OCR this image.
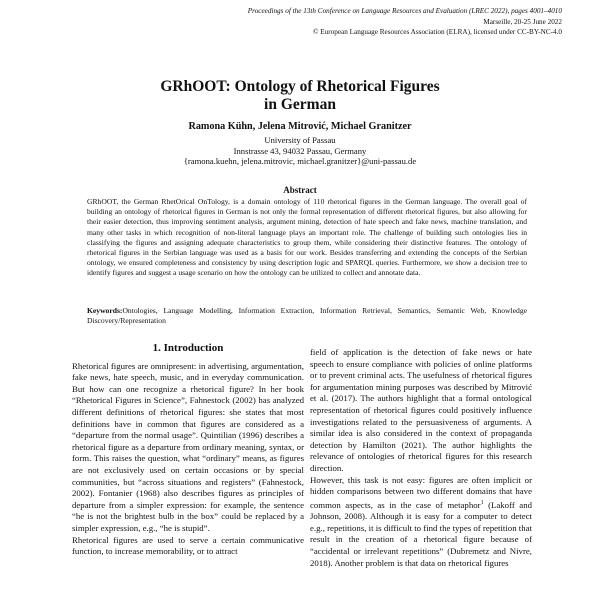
Proceedings of the 13th Conference on Language Resources and Evaluation (LREC 2022), pages 4001–4010
Marseille, 20-25 June 2022
© European Language Resources Association (ELRA), licensed under CC-BY-NC-4.0
GRhOOT: Ontology of Rhetorical Figures
in German
Ramona Kühn, Jelena Mitrović, Michael Granitzer
University of Passau
Innstrasse 43, 94032 Passau, Germany
{ramona.kuehn, jelena.mitrovic, michael.granitzer}@uni-passau.de
Abstract
GRhOOT, the German RhetOrical OnTology, is a domain ontology of 110 rhetorical figures in the German language. The overall goal of building an ontology of rhetorical figures in German is not only the formal representation of different rhetorical figures, but also allowing for their easier detection, thus improving sentiment analysis, argument mining, detection of hate speech and fake news, machine translation, and many other tasks in which recognition of non-literal language plays an important role. The challenge of building such ontologies lies in classifying the figures and assigning adequate characteristics to group them, while considering their distinctive features. The ontology of rhetorical figures in the Serbian language was used as a basis for our work. Besides transferring and extending the concepts of the Serbian ontology, we ensured completeness and consistency by using description logic and SPARQL queries. Furthermore, we show a decision tree to identify figures and suggest a usage scenario on how the ontology can be utilized to collect and annotate data.
Keywords:Ontologies, Language Modelling, Information Extraction, Information Retrieval, Semantics, Semantic Web, Knowledge Discovery/Representation
1. Introduction

Rhetorical figures are omnipresent: in advertising, argumentation, fake news, hate speech, music, and in everyday communication. But how can one recognize a rhetorical figure? In her book “Rhetorical Figures in Science”, Fahnestock (2002) has analyzed different definitions of rhetorical figures: she states that most definitions have in common that figures are considered as a “departure from the normal usage”. Quintilian (1996) describes a rhetorical figure as a departure from ordinary meaning, syntax, or form. This raises the question, what “ordinary” means, as figures are not exclusively used on certain occasions or by special communities, but “across situations and registers” (Fahnestock, 2002). Fontanier (1968) also describes figures as principles of departure from a simpler expression: for example, the sentence “he is not the brightest bulb in the box” could be replaced by a simpler expression, e.g., “he is stupid”.

Rhetorical figures are used to serve a certain communicative function, to increase memorability, or to attract

field of application is the detection of fake news or hate speech to ensure compliance with policies of online platforms or to prevent criminal acts. The usefulness of rhetorical figures for argumentation mining purposes was described by Mitrović et al. (2017). The authors highlight that a formal ontological representation of rhetorical figures could positively influence investigations related to the persuasiveness of arguments. A similar idea is also considered in the context of propaganda detection by Hamilton (2021). The author highlights the relevance of ontologies of rhetorical figures for this research direction.

However, this task is not easy: figures are often implicit or hidden comparisons between two different domains that have common aspects, as in the case of metaphor$^1$ (Lakoff and Johnson, 2008). Although it is easy for a computer to detect e.g., repetitions, it is difficult to find the types of repetition that result in the creation of a rhetorical figure because of “accidental or irrelevant repetitions” (Dubremetz and Nivre, 2018). Another problem is that data on rhetorical figures
